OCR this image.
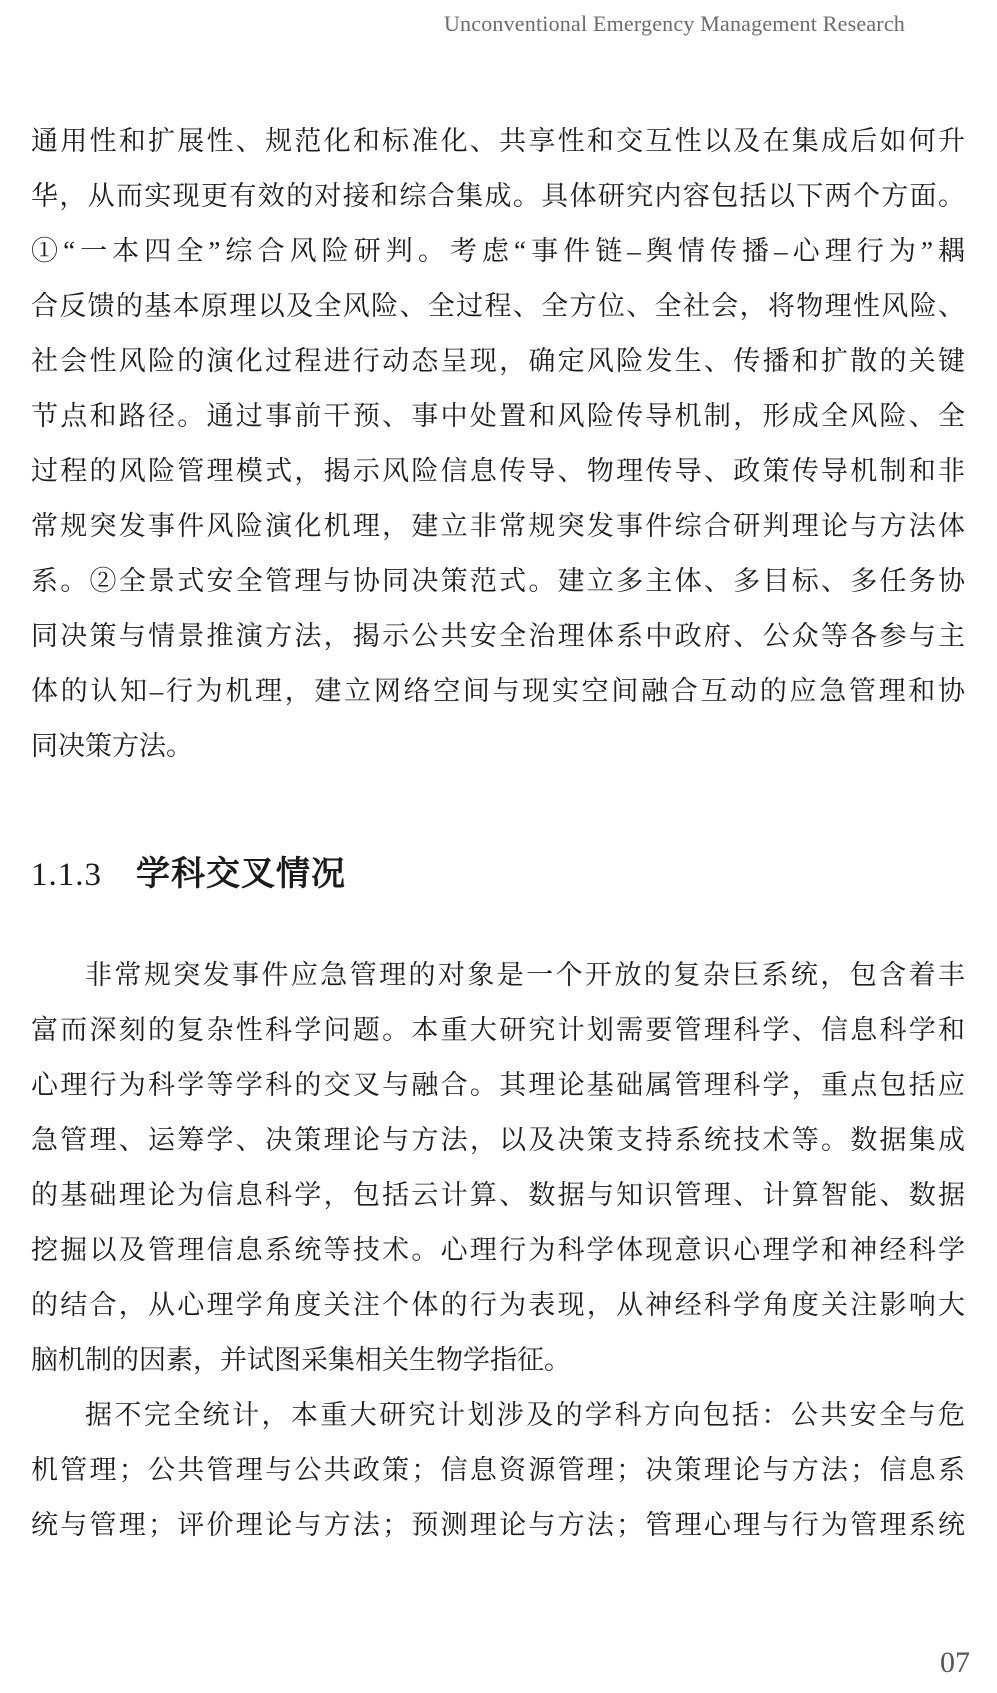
Unconventional Emergency Management Research
通用性和扩展性、规范化和标准化、共享性和交互性以及在集成后如何升
华，从而实现更有效的对接和综合集成。具体研究内容包括以下两个方面。
①“一本四全”综合风险研判。考虑“事件链–舆情传播–心理行为”耦
合反馈的基本原理以及全风险、全过程、全方位、全社会，将物理性风险、
社会性风险的演化过程进行动态呈现，确定风险发生、传播和扩散的关键
节点和路径。通过事前干预、事中处置和风险传导机制，形成全风险、全
过程的风险管理模式，揭示风险信息传导、物理传导、政策传导机制和非
常规突发事件风险演化机理，建立非常规突发事件综合研判理论与方法体
系。②全景式安全管理与协同决策范式。建立多主体、多目标、多任务协
同决策与情景推演方法，揭示公共安全治理体系中政府、公众等各参与主
体的认知–行为机理，建立网络空间与现实空间融合互动的应急管理和协
同决策方法。
1.1.3 学科交叉情况
非常规突发事件应急管理的对象是一个开放的复杂巨系统，包含着丰
富而深刻的复杂性科学问题。本重大研究计划需要管理科学、信息科学和
心理行为科学等学科的交叉与融合。其理论基础属管理科学，重点包括应
急管理、运筹学、决策理论与方法，以及决策支持系统技术等。数据集成
的基础理论为信息科学，包括云计算、数据与知识管理、计算智能、数据
挖掘以及管理信息系统等技术。心理行为科学体现意识心理学和神经科学
的结合，从心理学角度关注个体的行为表现，从神经科学角度关注影响大
脑机制的因素，并试图采集相关生物学指征。
据不完全统计，本重大研究计划涉及的学科方向包括：公共安全与危
机管理；公共管理与公共政策；信息资源管理；决策理论与方法；信息系
统与管理；评价理论与方法；预测理论与方法；管理心理与行为管理系统
07
